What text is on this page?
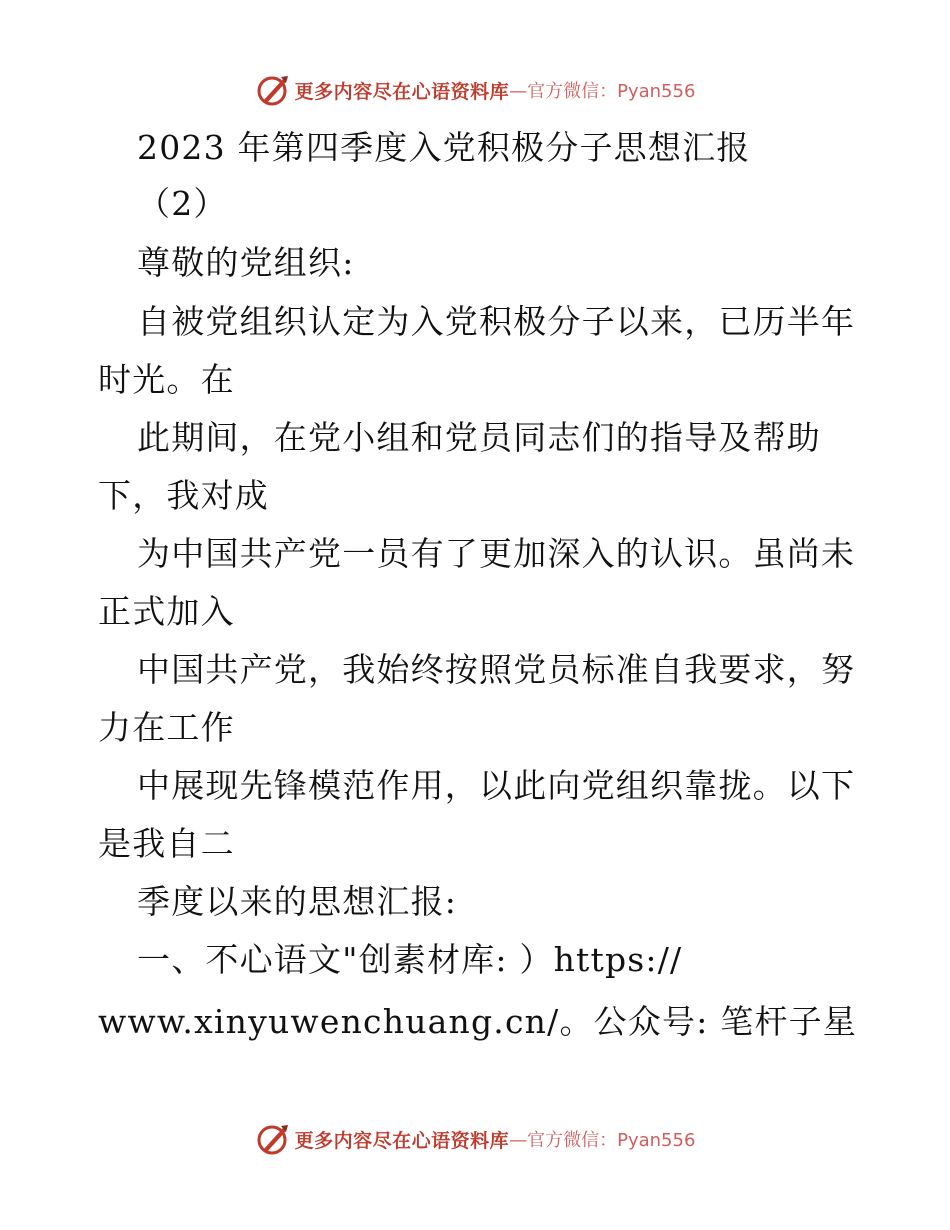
更多内容尽在心语资料库 —官方微信：Pyan556
2023 年第四季度入党积极分子思想汇报
（2）
尊敬的党组织:
自被党组织认定为入党积极分子以来，已历半年
时光。在
此期间，在党小组和党员同志们的指导及帮助
下，我对成
为中国共产党一员有了更加深入的认识。虽尚未
正式加入
中国共产党，我始终按照党员标准自我要求，努
力在工作
中展现先锋模范作用，以此向党组织靠拢。以下
是我自二
季度以来的思想汇报:
一、不心语文"创素材库: ）https://
www.xinyuwenchuang.cn/。公众号: 笔杆子星
更多内容尽在心语资料库 —官方微信：Pyan556
